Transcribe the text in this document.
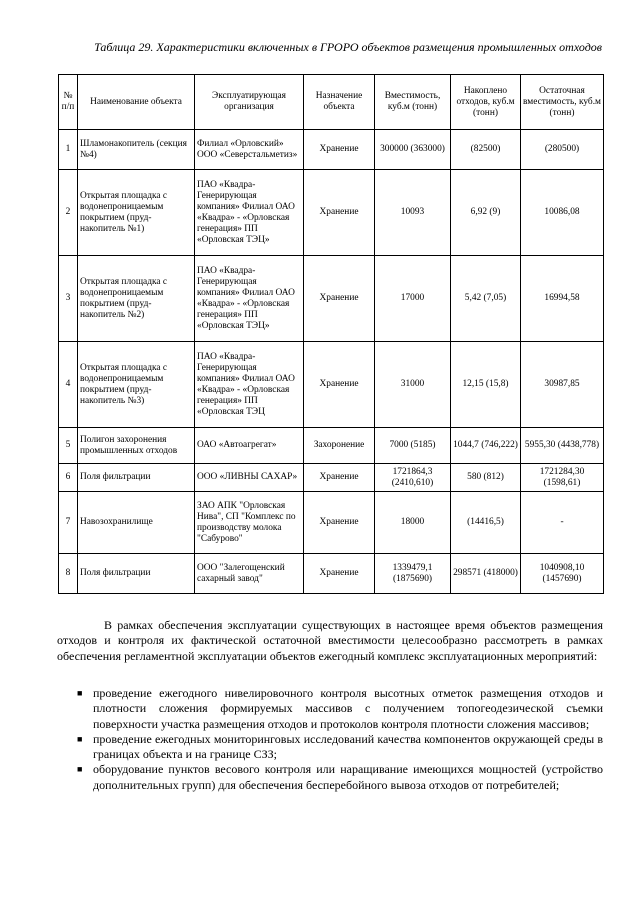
Таблица 29. Характеристики включенных в ГРОРО объектов размещения промышленных отходов
№ п/п	Наименование объекта	Эксплуатирующая организация	Назначение объекта	Вместимость, куб.м (тонн)	Накоплено отходов, куб.м (тонн)	Остаточная вместимость, куб.м (тонн)
1	Шламонакопитель (секция №4)	Филиал «Орловский» ООО «Северстальметиз»	Хранение	300000 (363000)	(82500)	(280500)
2	Открытая площадка с водонепроницаемым покрытием (пруд-накопитель №1)	ПАО «Квадра-Генерирующая компания» Филиал ОАО «Квадра» - «Орловская генерация» ПП «Орловская ТЭЦ»	Хранение	10093	6,92 (9)	10086,08
3	Открытая площадка с водонепроницаемым покрытием (пруд-накопитель №2)	ПАО «Квадра-Генерирующая компания» Филиал ОАО «Квадра» - «Орловская генерация» ПП «Орловская ТЭЦ»	Хранение	17000	5,42 (7,05)	16994,58
4	Открытая площадка с водонепроницаемым покрытием (пруд-накопитель №3)	ПАО «Квадра-Генерирующая компания» Филиал ОАО «Квадра» - «Орловская генерация» ПП «Орловская ТЭЦ	Хранение	31000	12,15 (15,8)	30987,85
5	Полигон захоронения промышленных отходов	ОАО «Автоагрегат»	Захоронение	7000 (5185)	1044,7 (746,222)	5955,30 (4438,778)
6	Поля фильтрации	ООО «ЛИВНЫ САХАР»	Хранение	1721864,3 (2410,610)	580 (812)	1721284,30 (1598,61)
7	Навозохранилище	ЗАО АПК "Орловская Нива", СП "Комплекс по производству молока "Сабурово"	Хранение	18000	(14416,5)	-
8	Поля фильтрации	ООО "Залегощенский сахарный завод"	Хранение	1339479,1 (1875690)	298571 (418000)	1040908,10 (1457690)

В рамках обеспечения эксплуатации существующих в настоящее время объектов размещения отходов и контроля их фактической остаточной вместимости целесообразно рассмотреть в рамках обеспечения регламентной эксплуатации объектов ежегодный комплекс эксплуатационных мероприятий:

■ проведение ежегодного нивелировочного контроля высотных отметок размещения отходов и плотности сложения формируемых массивов с получением топогеодезической съемки поверхности участка размещения отходов и протоколов контроля плотности сложения массивов;
■ проведение ежегодных мониторинговых исследований качества компонентов окружающей среды в границах объекта и на границе СЗЗ;
■ оборудование пунктов весового контроля или наращивание имеющихся мощностей (устройство дополнительных групп) для обеспечения бесперебойного вывоза отходов от потребителей;
